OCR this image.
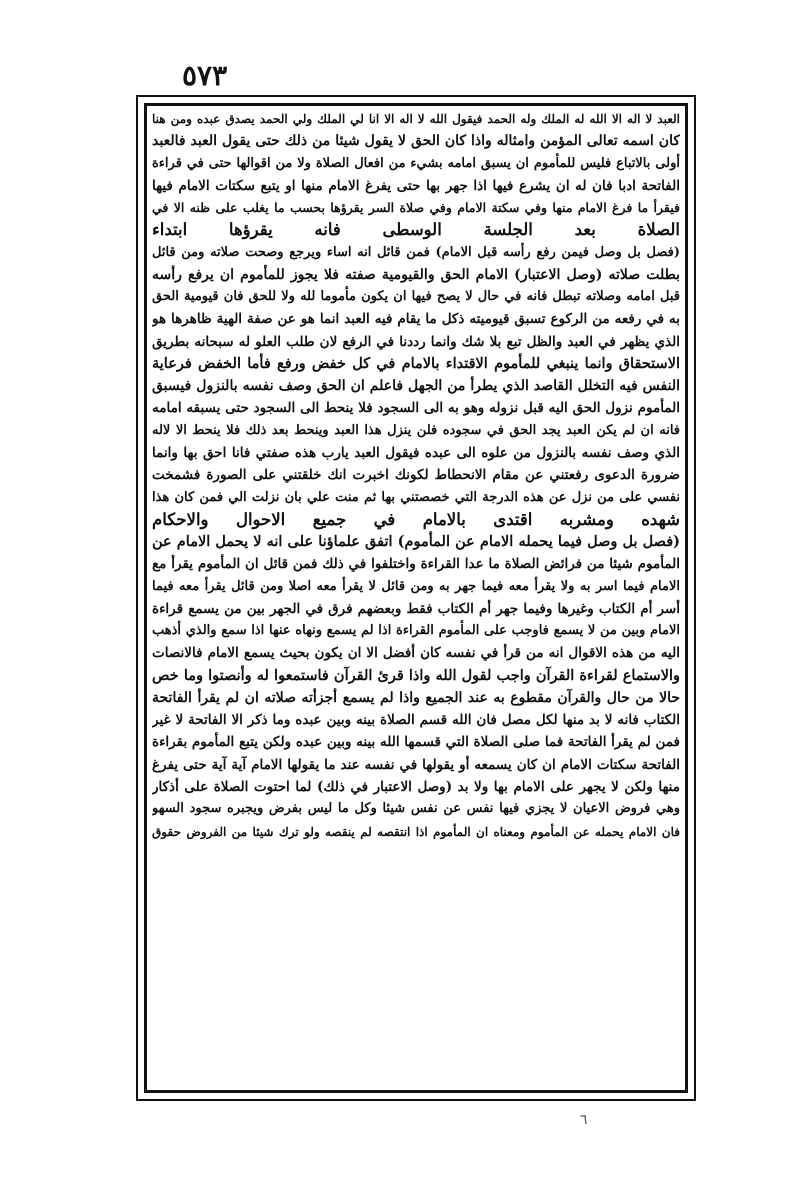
٥٧٣
العبد لا اله الا الله له الملك وله الحمد فيقول الله لا اله الا انا لي الملك ولي الحمد يصدق عبده ومن هنا
كان اسمه تعالى المؤمن وامثاله واذا كان الحق لا يقول شيئا من ذلك حتى يقول العبد فالعبد
أولى بالاتباع فليس للمأموم ان يسبق امامه بشيء من افعال الصلاة ولا من اقوالها حتى في قراءة
الفاتحة ادبا فان له ان يشرع فيها اذا جهر بها حتى يفرغ الامام منها او يتبع سكتات الامام فيها
فيقرأ ما فرغ الامام منها وفي سكتة الامام وفي صلاة السر يقرؤها بحسب ما يغلب على ظنه الا في
الصلاة بعد الجلسة الوسطى فانه يقرؤها ابتداء
(فصل بل وصل فيمن رفع رأسه قبل الامام) فمن قائل انه اساء ويرجع وصحت صلاته ومن قائل
بطلت صلاته (وصل الاعتبار) الامام الحق والقيومية صفته فلا يجوز للمأموم ان يرفع رأسه
قبل امامه وصلاته تبطل فانه في حال لا يصح فيها ان يكون مأموما لله ولا للحق فان قيومية الحق
به في رفعه من الركوع تسبق قيوميته ذكل ما يقام فيه العبد انما هو عن صفة الهية ظاهرها هو
الذي يظهر في العبد والظل تبع بلا شك وانما رددنا في الرفع لان طلب العلو له سبحانه بطريق
الاستحقاق وانما ينبغي للمأموم الاقتداء بالامام في كل خفض ورفع فأما الخفض فرعاية
النفس فيه التخلل القاصد الذي يطرأ من الجهل فاعلم ان الحق وصف نفسه بالنزول فيسبق
المأموم نزول الحق اليه قبل نزوله وهو به الى السجود فلا ينحط الى السجود حتى يسبقه امامه
فانه ان لم يكن العبد يجد الحق في سجوده فلن ينزل هذا العبد وينحط بعد ذلك فلا ينحط الا لاله
الذي وصف نفسه بالنزول من علوه الى عبده فيقول العبد يارب هذه صفتي فانا احق بها وانما
ضرورة الدعوى رفعتني عن مقام الانحطاط لكونك اخبرت انك خلقتني على الصورة فشمخت
نفسي على من نزل عن هذه الدرجة التي خصصتني بها ثم منت علي بان نزلت الي فمن كان هذا
شهده ومشربه اقتدى بالامام في جميع الاحوال والاحكام
(فصل بل وصل فيما يحمله الامام عن المأموم) اتفق علماؤنا على انه لا يحمل الامام عن
المأموم شيئا من فرائض الصلاة ما عدا القراءة واختلفوا في ذلك فمن قائل ان المأموم يقرأ مع
الامام فيما اسر به ولا يقرأ معه فيما جهر به ومن قائل لا يقرأ معه اصلا ومن قائل يقرأ معه فيما
أسر أم الكتاب وغيرها وفيما جهر أم الكتاب فقط وبعضهم فرق في الجهر بين من يسمع قراءة
الامام وبين من لا يسمع فاوجب على المأموم القراءة اذا لم يسمع ونهاه عنها اذا سمع والذي أذهب
اليه من هذه الاقوال انه من قرأ في نفسه كان أفضل الا ان يكون بحيث يسمع الامام فالانصات
والاستماع لقراءة القرآن واجب لقول الله واذا قرئ القرآن فاستمعوا له وأنصتوا وما خص
حالا من حال والقرآن مقطوع به عند الجميع واذا لم يسمع أجزأته صلاته ان لم يقرأ الفاتحة
الكتاب فانه لا بد منها لكل مصل فان الله قسم الصلاة بينه وبين عبده وما ذكر الا الفاتحة لا غير
فمن لم يقرأ الفاتحة فما صلى الصلاة التي قسمها الله بينه وبين عبده ولكن يتبع المأموم بقراءة
الفاتحة سكتات الامام ان كان يسمعه أو يقولها في نفسه عند ما يقولها الامام آية آية حتى يفرغ
منها ولكن لا يجهر على الامام بها ولا بد (وصل الاعتبار في ذلك) لما احتوت الصلاة على أذكار
وهي فروض الاعيان لا يجزي فيها نفس عن نفس شيئا وكل ما ليس بفرض ويجبره سجود السهو
فان الامام يحمله عن المأموم ومعناه ان المأموم اذا انتقصه لم ينقصه ولو ترك شيئا من الفروض حقوق
٦
